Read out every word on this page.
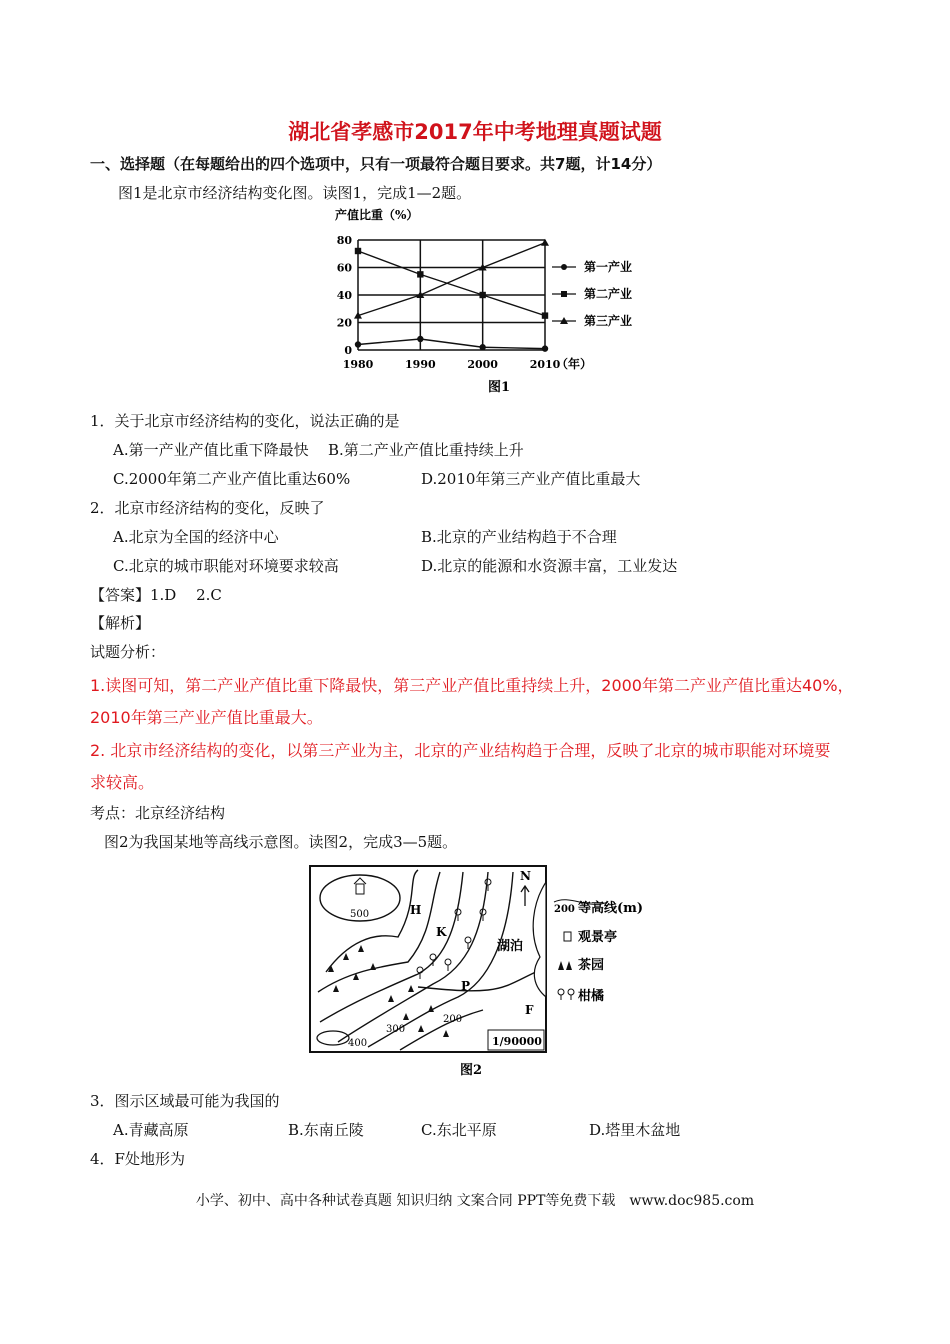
湖北省孝感市2017年中考地理真题试题
一、选择题（在每题给出的四个选项中，只有一项最符合题目要求。共7题，计14分）
图1是北京市经济结构变化图。读图1，完成1—2题。
产值比重（%）
图1
（年）
0
20
40
60
80
1980	1990	2000	2010
第一产业
第二产业
第三产业
1．关于北京市经济结构的变化，说法正确的是
A.第一产业产值比重下降最快 B.第二产业产值比重持续上升
C.2000年第二产业产值比重达60%	D.2010年第三产业产值比重最大
2．北京市经济结构的变化，反映了
A.北京为全国的经济中心	B.北京的产业结构趋于不合理
C.北京的城市职能对环境要求较高	D.北京的能源和水资源丰富，工业发达
【答案】1.D　 2.C
【解析】
试题分析：
1.读图可知，第二产业产值比重下降最快，第三产业产值比重持续上升，2000年第二产业产值比重达40%，
2010年第三产业产值比重最大。
2. 北京市经济结构的变化，以第三产业为主，北京的产业结构趋于合理，反映了北京的城市职能对环境要
求较高。
考点：北京经济结构
图2为我国某地等高线示意图。读图2，完成3—5题。
500
400
300
200
H
K
P
F
湖泊
N
1/90000
200 等高线(m)
观景亭
茶园
柑橘
图2
3．图示区域最可能为我国的
A.青藏高原	B.东南丘陵	C.东北平原	D.塔里木盆地
4．F处地形为
小学、初中、高中各种试卷真题 知识归纳 文案合同 PPT等免费下载　www.doc985.com
